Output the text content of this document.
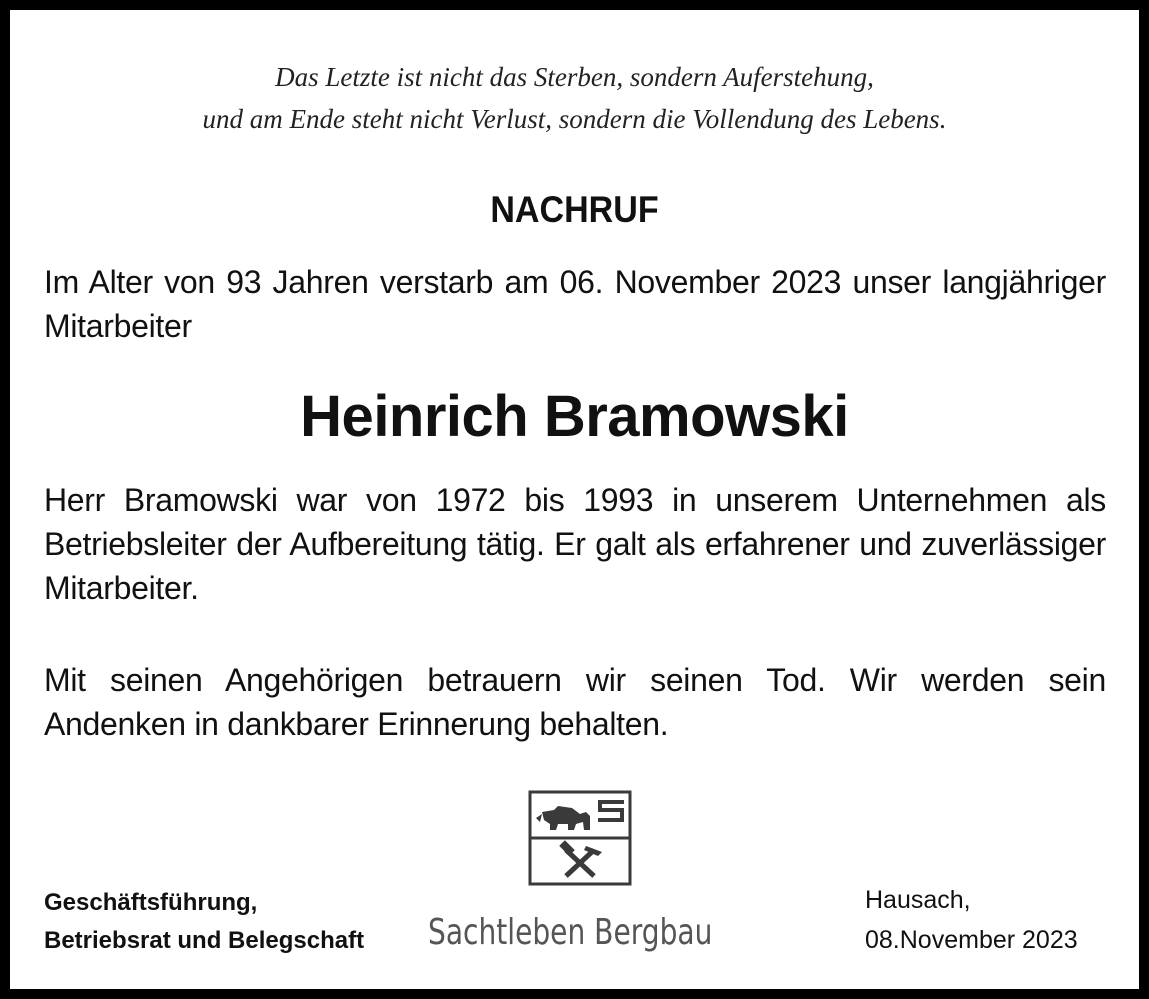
Das Letzte ist nicht das Sterben, sondern Auferstehung,
und am Ende steht nicht Verlust, sondern die Vollendung des Lebens.
NACHRUF
Im Alter von 93 Jahren verstarb am 06. November 2023 unser langjähriger Mitarbeiter
Heinrich Bramowski
Herr Bramowski war von 1972 bis 1993 in unserem Unternehmen als Betriebsleiter der Aufbereitung tätig. Er galt als erfahrener und zuverlässiger Mitarbeiter.
Mit seinen Angehörigen betrauern wir seinen Tod. Wir werden sein Andenken in dankbarer Erinnerung behalten.
Geschäftsführung,
Betriebsrat und Belegschaft Sachtleben Bergbau
Hausach,
08.November 2023
